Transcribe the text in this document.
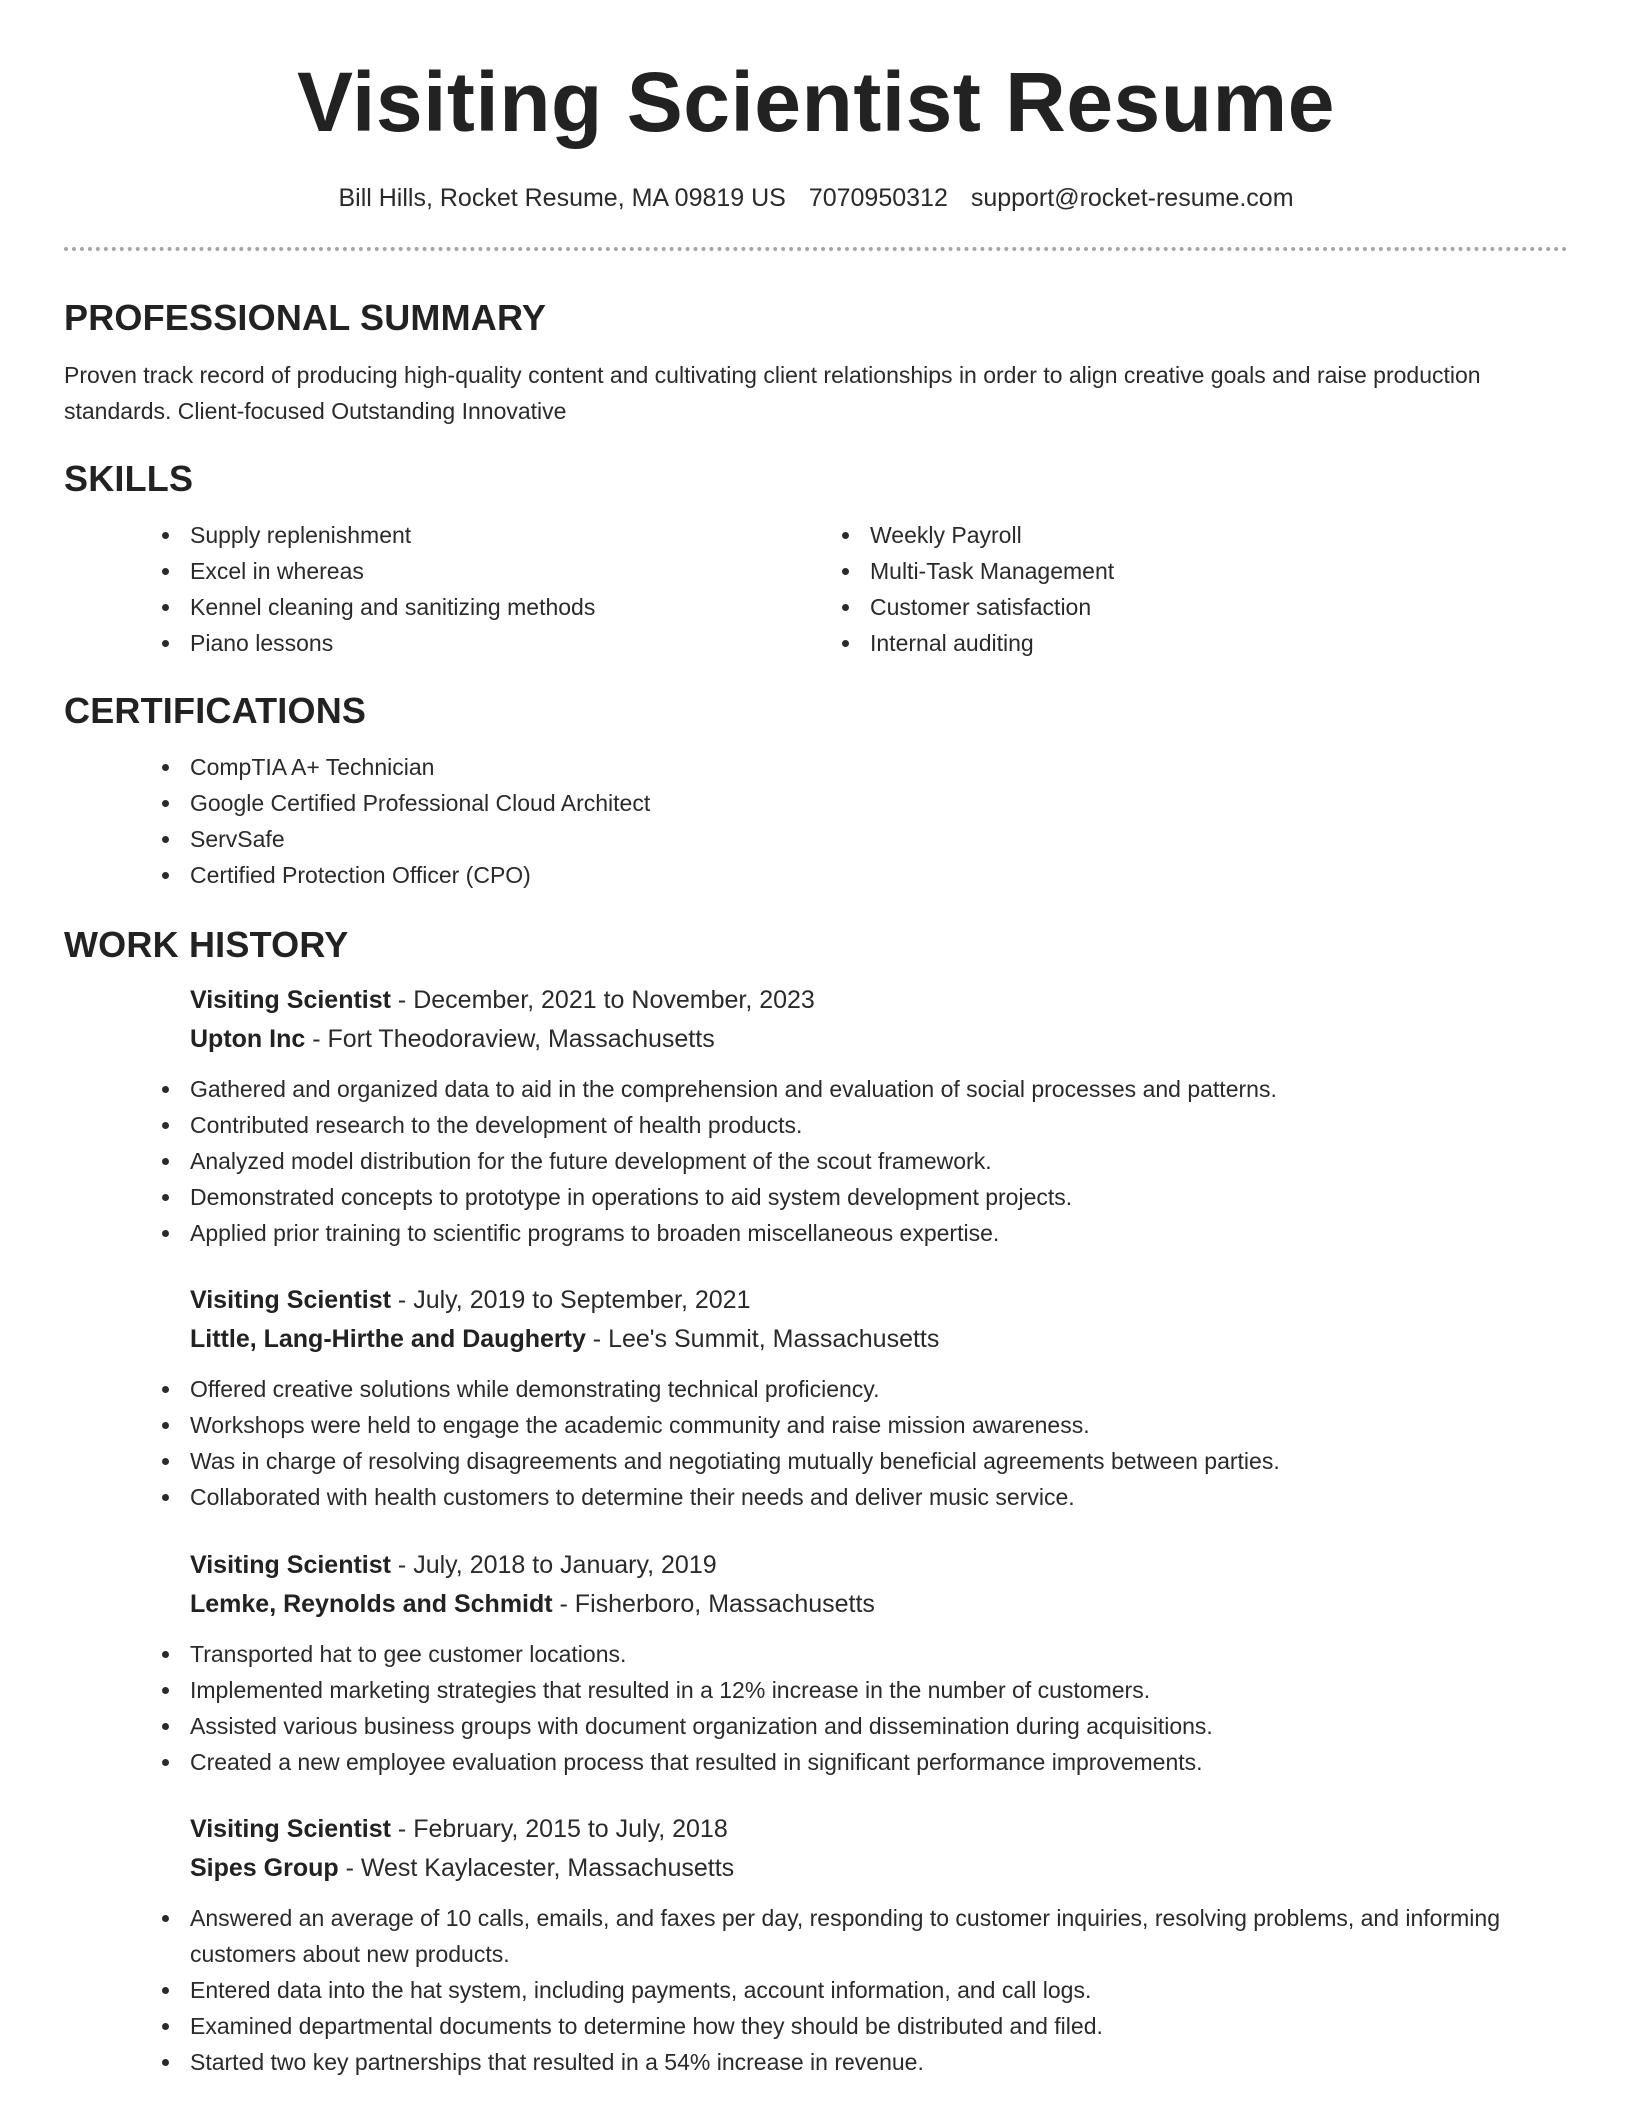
Visiting Scientist Resume
Bill Hills, Rocket Resume, MA 09819 US 7070950312 support@rocket-resume.com
PROFESSIONAL SUMMARY

Proven track record of producing high-quality content and cultivating client relationships in order to align creative goals and raise production standards. Client-focused Outstanding Innovative

SKILLS
Supply replenishment
Excel in whereas
Kennel cleaning and sanitizing methods
Piano lessons
Weekly Payroll
Multi-Task Management
Customer satisfaction
Internal auditing
CERTIFICATIONS
CompTIA A+ Technician
Google Certified Professional Cloud Architect
ServSafe
Certified Protection Officer (CPO)
WORK HISTORY
Visiting Scientist - December, 2021 to November, 2023
Upton Inc - Fort Theodoraview, Massachusetts
Gathered and organized data to aid in the comprehension and evaluation of social processes and patterns.
Contributed research to the development of health products.
Analyzed model distribution for the future development of the scout framework.
Demonstrated concepts to prototype in operations to aid system development projects.
Applied prior training to scientific programs to broaden miscellaneous expertise.
Visiting Scientist - July, 2019 to September, 2021
Little, Lang-Hirthe and Daugherty - Lee's Summit, Massachusetts
Offered creative solutions while demonstrating technical proficiency.
Workshops were held to engage the academic community and raise mission awareness.
Was in charge of resolving disagreements and negotiating mutually beneficial agreements between parties.
Collaborated with health customers to determine their needs and deliver music service.
Visiting Scientist - July, 2018 to January, 2019
Lemke, Reynolds and Schmidt - Fisherboro, Massachusetts
Transported hat to gee customer locations.
Implemented marketing strategies that resulted in a 12% increase in the number of customers.
Assisted various business groups with document organization and dissemination during acquisitions.
Created a new employee evaluation process that resulted in significant performance improvements.
Visiting Scientist - February, 2015 to July, 2018
Sipes Group - West Kaylacester, Massachusetts
Answered an average of 10 calls, emails, and faxes per day, responding to customer inquiries, resolving problems, and informing customers about new products.
Entered data into the hat system, including payments, account information, and call logs.
Examined departmental documents to determine how they should be distributed and filed.
Started two key partnerships that resulted in a 54% increase in revenue.
